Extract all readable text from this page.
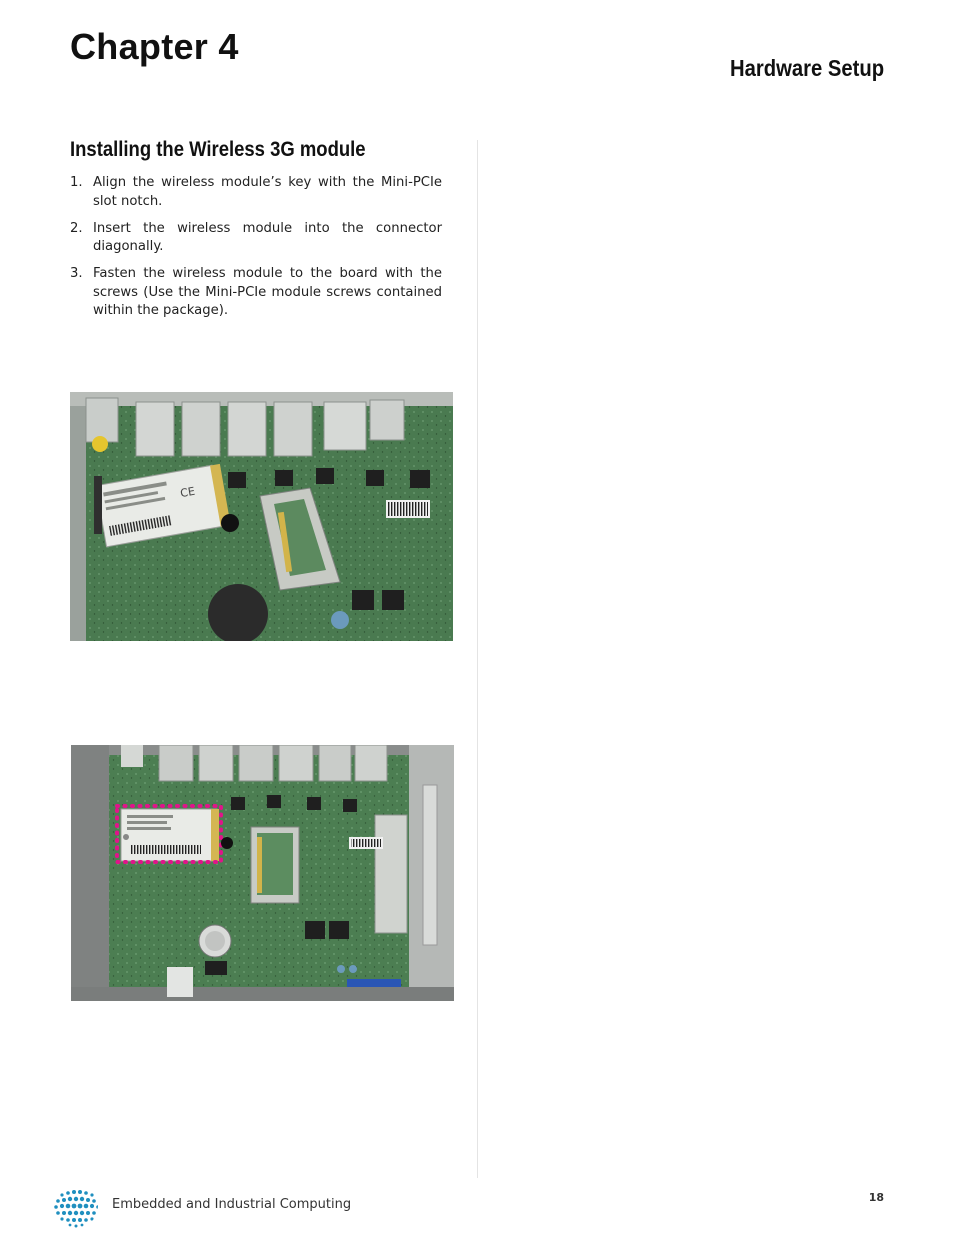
Chapter 4
Hardware Setup
Installing the Wireless 3G module
1. Align the wireless module’s key with the Mini-PCIe slot notch.
2. Insert the wireless module into the connector diagonally.
3. Fasten the wireless module to the board with the screws (Use the Mini-PCIe module screws contained within the package).
CE
Embedded and Industrial Computing	18
